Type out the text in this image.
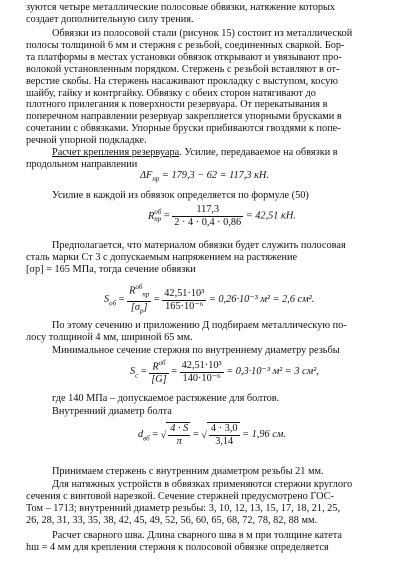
зуются четыре металлические полосовые обвязки, натяжение которых
создает дополнительную силу трения.

Обвязки из полосовой стали (рисунок 15) состоит из металлической
полосы толщиной 6 мм и стержня с резьбой, соединенных сваркой. Бор-
та платформы в местах установки обвязок открывают и увязывают про-
волокой установленным порядком. Стержень с резьбой вставляют в от-
верстие скобы. На стержень насаживают прокладку с выступом, косую
шайбу, гайку и контргайку. Обвязку с обеих сторон натягивают до
плотного прилегания к поверхности резервуара. От перекатывания в
поперечном направлении резервуар закрепляется упорными брусками в
сочетании с обвязками. Упорные бруски прибиваются гвоздями к попе-
речной упорной подкладке.

Расчет крепления резервуара. Усилие, передаваемое на обвязки в
продольном направлении

$\Delta F_{пр} = 179,3 - 62 = 117,3$ кН.
Усилие в каждой из обвязок определяется по формуле (50)
R об
пр = $\frac{117,3}{2 \cdot 4 \cdot 0,4 \cdot 0,86} = 42,51$ кН.

Предполагается, что материалом обвязки будет служить полосовая
сталь марки Ст 3 с допускаемым напряжением на растяжение
[σр] = 165 МПа, тогда сечение обвязки

$S_{об} = \frac{R^{об}_{пр}}{[\sigma_р]} = \frac{\text{42,51·10³}}{\text{165·10⁻⁶}} = 0,26\cdot 10^{-3}$ м² = 2,6 см².

По этому сечению и приложению Д подбираем металлическую по-
лосу толщиной 4 мм, шириной 65 мм.

Минимальное сечение стержня по внутреннему диаметру резьбы
$S_c = \frac{R^{об}}{[G]} = \frac{\text{42,51·10³}}{\text{140·10⁻⁶}} = 0,3\cdot 10^{-3}$ м² = 3 см²,
где 140 МПа – допускаемое растяжение для болтов.
Внутренний диаметр болта
$d_{вб}$ = √ $\frac{4 \cdot S}{\pi}$ = √ $\frac{4 \cdot 3,0}{3,14} = 1,96$ см.
Принимаем стержень с внутренним диаметром резьбы 21 мм.

Для натяжных устройств в обвязках применяются стержни круглого
сечения с винтовой нарезкой. Сечение стержней предусмотрено ГОС-
Том – 1713; внутренний диаметр резьбы: 3, 10, 12, 13, 15, 17, 18, 21, 25,
26, 28, 31, 33, 35, 38, 42, 45, 49, 52, 56, 60, 65, 68, 72, 78, 82, 88 мм.

Расчет сварного шва. Длина сварного шва в м при толщине катета
hш = 4 мм для крепления стержня к полосовой обвязке определяется
